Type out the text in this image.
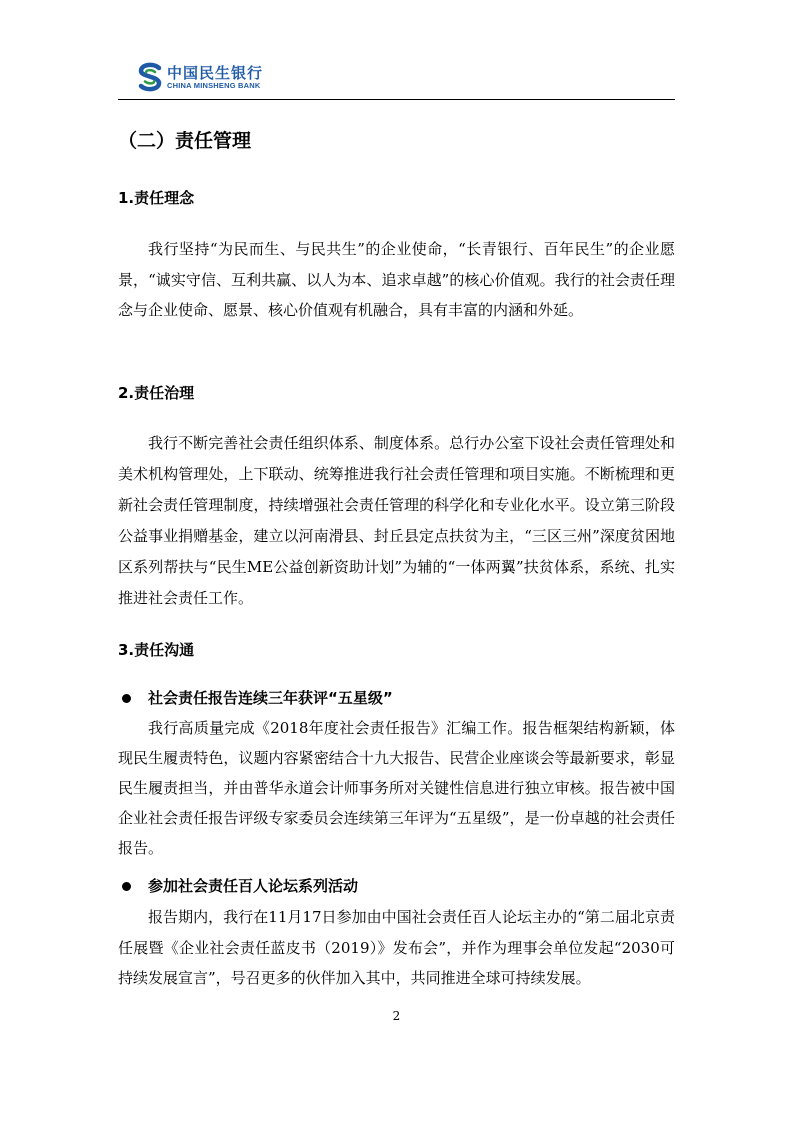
中国民生银行
CHINA MINSHENG BANK
（二）责任管理
1.责任理念

我行坚持“为民而生、与民共生”的企业使命，“长青银行、百年民生”的企业愿景，“诚实守信、互利共赢、以人为本、追求卓越”的核心价值观。我行的社会责任理念与企业使命、愿景、核心价值观有机融合，具有丰富的内涵和外延。

2.责任治理

我行不断完善社会责任组织体系、制度体系。总行办公室下设社会责任管理处和美术机构管理处，上下联动、统筹推进我行社会责任管理和项目实施。不断梳理和更新社会责任管理制度，持续增强社会责任管理的科学化和专业化水平。设立第三阶段公益事业捐赠基金，建立以河南滑县、封丘县定点扶贫为主，“三区三州”深度贫困地区系列帮扶与“民生ME公益创新资助计划”为辅的“一体两翼”扶贫体系，系统、扎实推进社会责任工作。

3.责任沟通
社会责任报告连续三年获评“五星级”

我行高质量完成《2018年度社会责任报告》汇编工作。报告框架结构新颖，体现民生履责特色，议题内容紧密结合十九大报告、民营企业座谈会等最新要求，彰显民生履责担当，并由普华永道会计师事务所对关键性信息进行独立审核。报告被中国企业社会责任报告评级专家委员会连续第三年评为“五星级”，是一份卓越的社会责任报告。

参加社会责任百人论坛系列活动

报告期内，我行在11月17日参加由中国社会责任百人论坛主办的“第二届北京责任展暨《企业社会责任蓝皮书（2019）》发布会”，并作为理事会单位发起“2030可持续发展宣言”，号召更多的伙伴加入其中，共同推进全球可持续发展。

2
